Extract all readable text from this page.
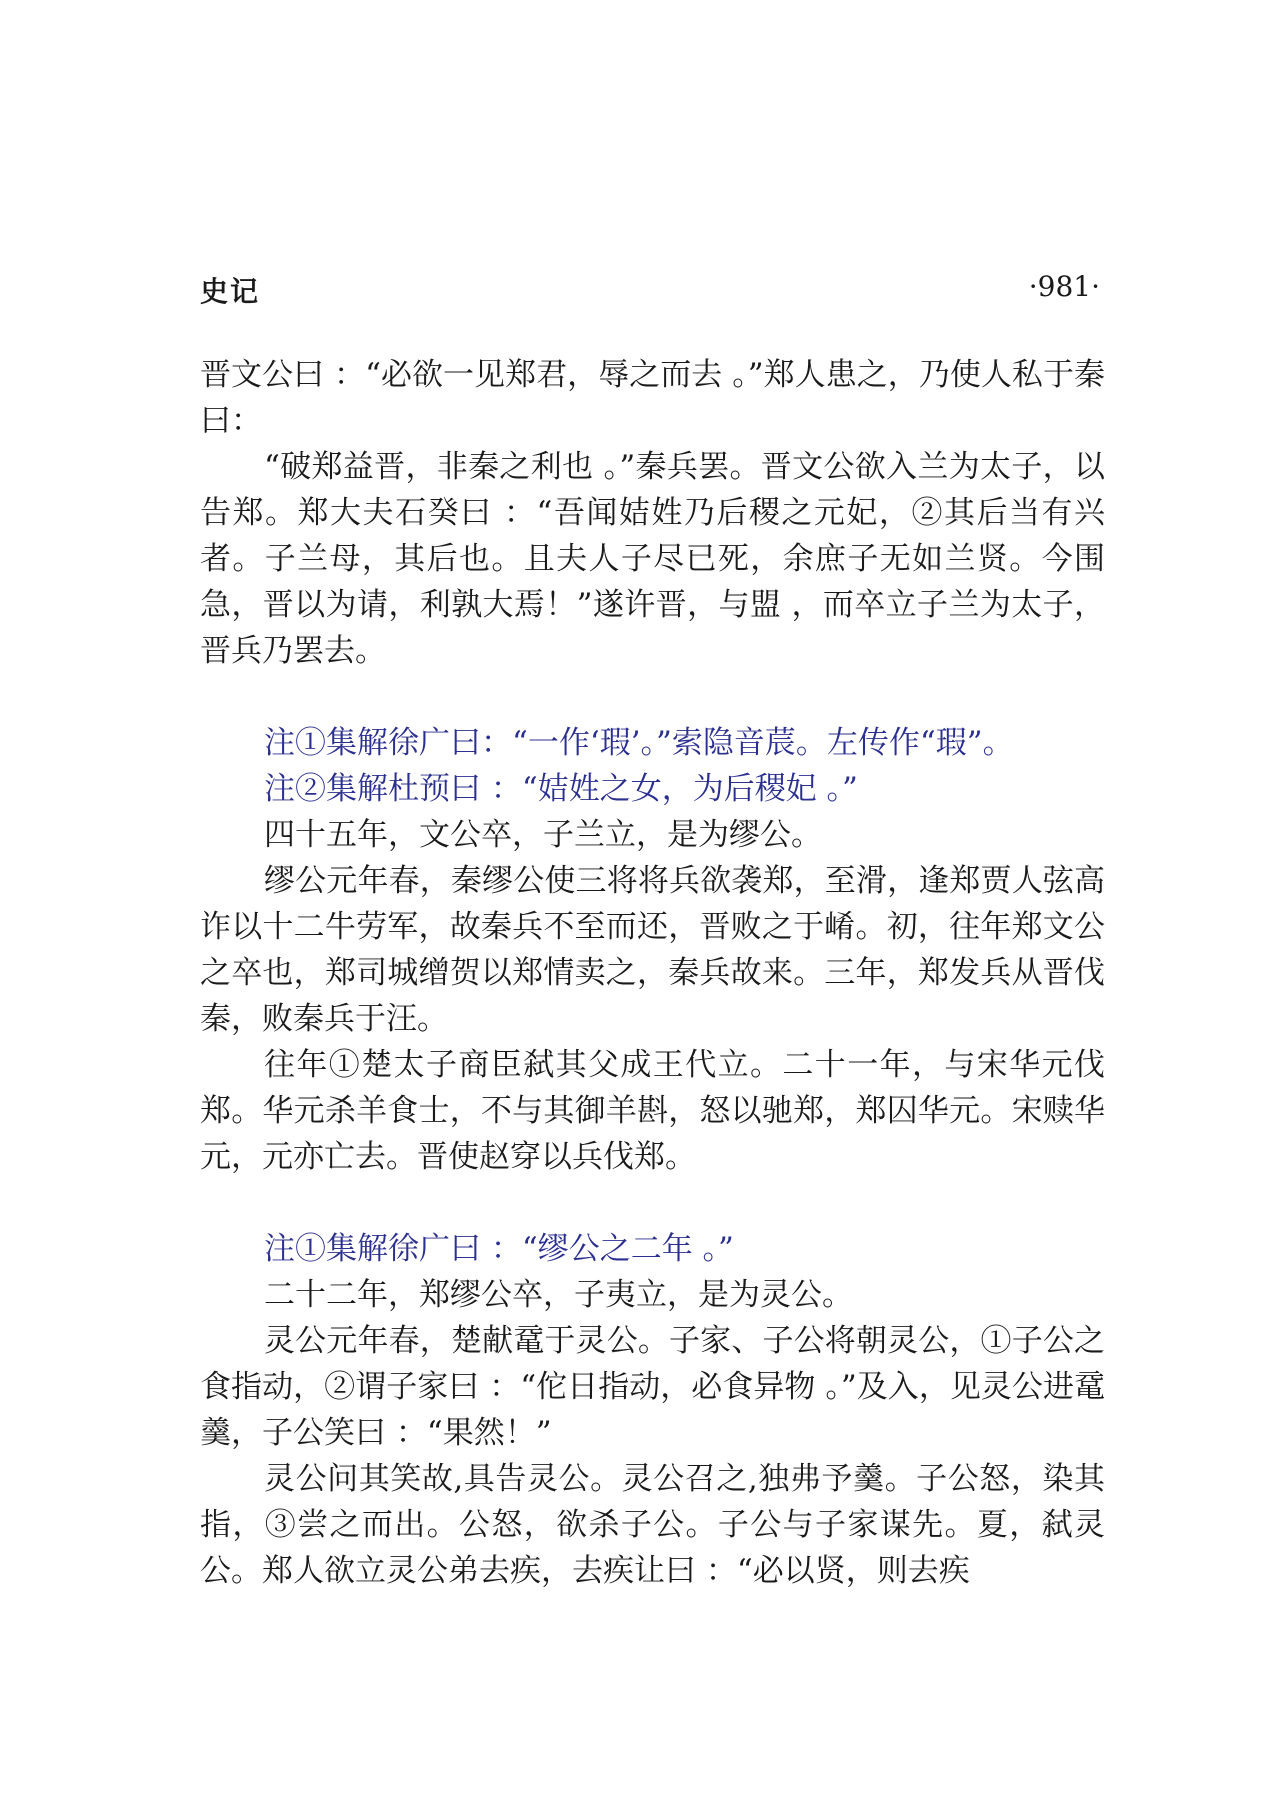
史记	·981·

晋文公曰 ：“必欲一见郑君，辱之而去 。”郑人患之，乃使人私于秦曰：

“破郑益晋，非秦之利也 。”秦兵罢。晋文公欲入兰为太子，以告郑。郑大夫石癸曰 ：“吾闻姞姓乃后稷之元妃，②其后当有兴者。子兰母，其后也。且夫人子尽已死，余庶子无如兰贤。今围急，晋以为请，利孰大焉！”遂许晋，与盟 ，而卒立子兰为太子，晋兵乃罢去。

注①集解徐广曰：“一作‘瑕’。”索隐音莀。左传作“瑕”。

注②集解杜预曰 ：“姞姓之女，为后稷妃 。”

四十五年，文公卒，子兰立，是为缪公。

缪公元年春，秦缪公使三将将兵欲袭郑，至滑，逢郑贾人弦高诈以十二牛劳军，故秦兵不至而还，晋败之于崤。初，往年郑文公之卒也，郑司城缯贺以郑情卖之，秦兵故来。三年，郑发兵从晋伐秦，败秦兵于汪。

往年①楚太子商臣弑其父成王代立。二十一年，与宋华元伐郑。华元杀羊食士，不与其御羊斟，怒以驰郑，郑囚华元。宋赎华元，元亦亡去。晋使赵穿以兵伐郑。

注①集解徐广曰 ：“缪公之二年 。”

二十二年，郑缪公卒，子夷立，是为灵公。

灵公元年春，楚献鼋于灵公。子家、子公将朝灵公，①子公之食指动，②谓子家曰 ：“佗日指动，必食异物 。”及入，见灵公进鼋羹，子公笑曰 ：“果然！”

灵公问其笑故,具告灵公。灵公召之,独弗予羹。子公怒，染其指，③尝之而出。公怒，欲杀子公。子公与子家谋先。夏，弑灵公。郑人欲立灵公弟去疾，去疾让曰 ：“必以贤，则去疾
